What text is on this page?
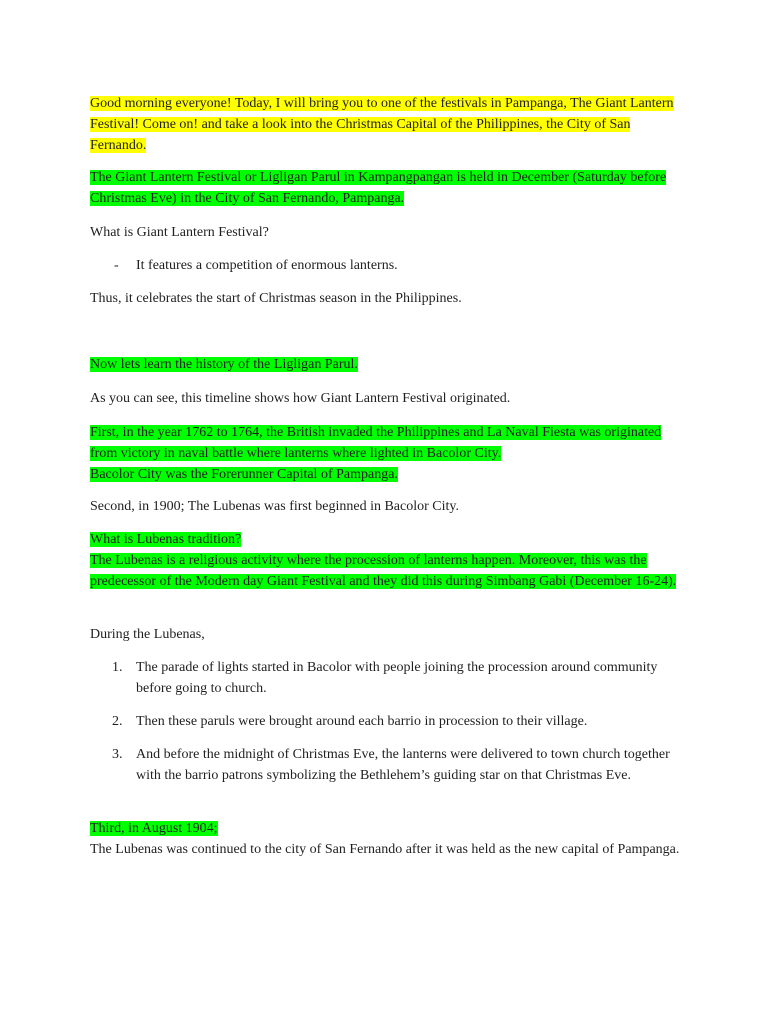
Good morning everyone! Today, I will bring you to one of the festivals in Pampanga, The Giant Lantern Festival! Come on! and take a look into the Christmas Capital of the Philippines, the City of San Fernando.

The Giant Lantern Festival or Ligligan Parul in Kampangpangan is held in December (Saturday before Christmas Eve) in the City of San Fernando, Pampanga.

What is Giant Lantern Festival?

- It features a competition of enormous lanterns.

Thus, it celebrates the start of Christmas season in the Philippines.

Now lets learn the history of the Ligligan Parul.

As you can see, this timeline shows how Giant Lantern Festival originated.

First, in the year 1762 to 1764, the British invaded the Philippines and La Naval Fiesta was originated from victory in naval battle where lanterns where lighted in Bacolor City.
Bacolor City was the Forerunner Capital of Pampanga.

Second, in 1900; The Lubenas was first beginned in Bacolor City.

What is Lubenas tradition?
The Lubenas is a religious activity where the procession of lanterns happen. Moreover, this was the predecessor of the Modern day Giant Festival and they did this during Simbang Gabi (December 16-24).

During the Lubenas,

1. The parade of lights started in Bacolor with people joining the procession around community before going to church.
2. Then these paruls were brought around each barrio in procession to their village.
3. And before the midnight of Christmas Eve, the lanterns were delivered to town church together with the barrio patrons symbolizing the Bethlehem’s guiding star on that Christmas Eve.

Third, in August 1904;
The Lubenas was continued to the city of San Fernando after it was held as the new capital of Pampanga.
